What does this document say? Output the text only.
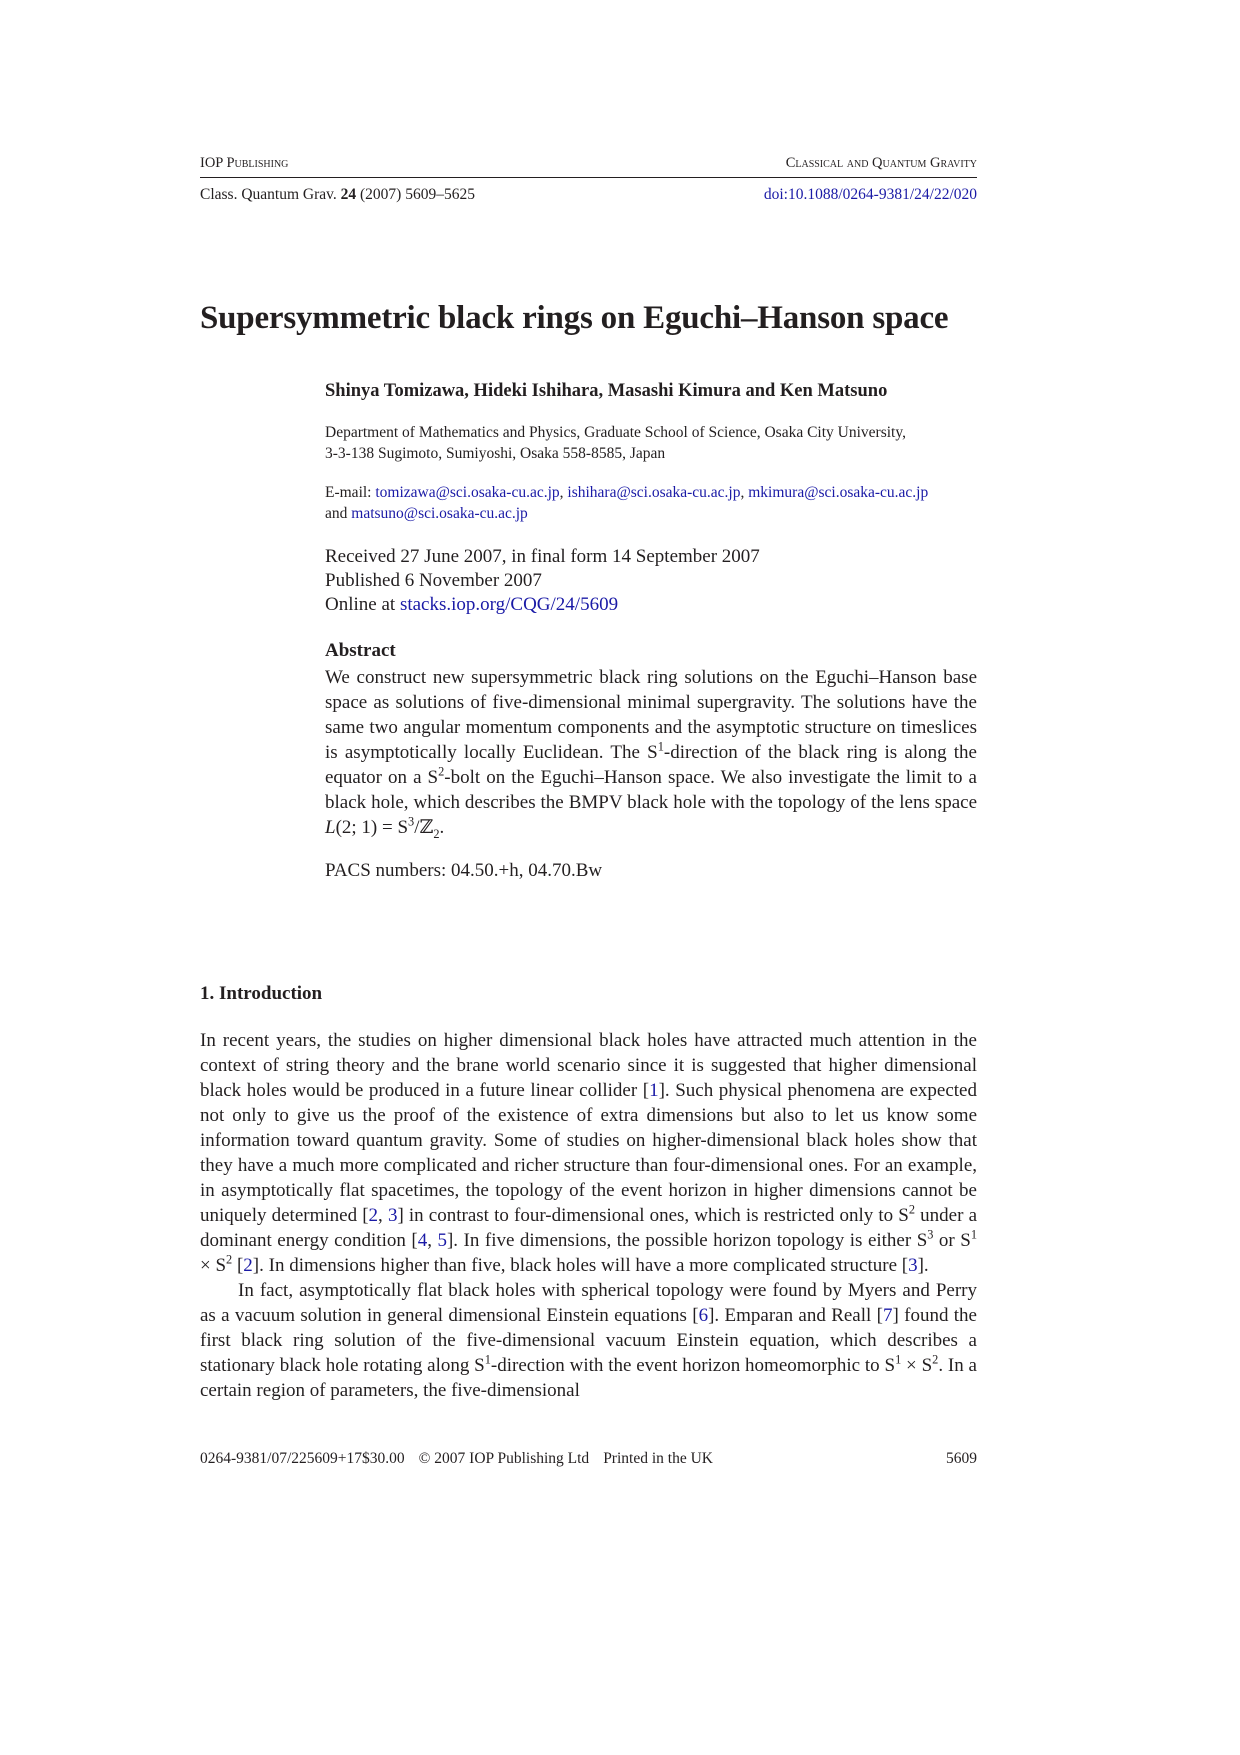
IOP Publishing	Classical and Quantum Gravity
Class. Quantum Grav. 24 (2007) 5609–5625	doi:10.1088/0264-9381/24/22/020
Supersymmetric black rings on Eguchi–Hanson space
Shinya Tomizawa, Hideki Ishihara, Masashi Kimura and Ken Matsuno
Department of Mathematics and Physics, Graduate School of Science, Osaka City University,
3-3-138 Sugimoto, Sumiyoshi, Osaka 558-8585, Japan
E-mail: tomizawa@sci.osaka-cu.ac.jp, ishihara@sci.osaka-cu.ac.jp, mkimura@sci.osaka-cu.ac.jp
and matsuno@sci.osaka-cu.ac.jp
Received 27 June 2007, in final form 14 September 2007
Published 6 November 2007
Online at stacks.iop.org/CQG/24/5609
Abstract
We construct new supersymmetric black ring solutions on the Eguchi–Hanson base space as solutions of five-dimensional minimal supergravity. The solutions have the same two angular momentum components and the asymptotic structure on timeslices is asymptotically locally Euclidean. The $S^1$-direction of the black ring is along the equator on a $S^2$-bolt on the Eguchi–Hanson space. We also investigate the limit to a black hole, which describes the BMPV black hole with the topology of the lens space L(2; $1) = S^3/ℤ_2$.
PACS numbers: 04.50.+h, 04.70.Bw
1. Introduction

In recent years, the studies on higher dimensional black holes have attracted much attention in the context of string theory and the brane world scenario since it is suggested that higher dimensional black holes would be produced in a future linear collider [1]. Such physical phenomena are expected not only to give us the proof of the existence of extra dimensions but also to let us know some information toward quantum gravity. Some of studies on higher-dimensional black holes show that they have a much more complicated and richer structure than four-dimensional ones. For an example, in asymptotically flat spacetimes, the topology of the event horizon in higher dimensions cannot be uniquely determined [2, 3] in contrast to four-dimensional ones, which is restricted only to $S^2$ under a dominant energy condition [4, 5]. In five dimensions, the possible horizon topology is either $S^3$ or $S^1 \times S^2$ [2]. In dimensions higher than five, black holes will have a more complicated structure [3].

In fact, asymptotically flat black holes with spherical topology were found by Myers and Perry as a vacuum solution in general dimensional Einstein equations [6]. Emparan and Reall [7] found the first black ring solution of the five-dimensional vacuum Einstein equation, which describes a stationary black hole rotating along $S^1$-direction with the event horizon homeomorphic to $S^1 \times S^2$. In a certain region of parameters, the five-dimensional

0264-9381/07/225609+17$30.00 © 2007 IOP Publishing Ltd Printed in the UK	5609
